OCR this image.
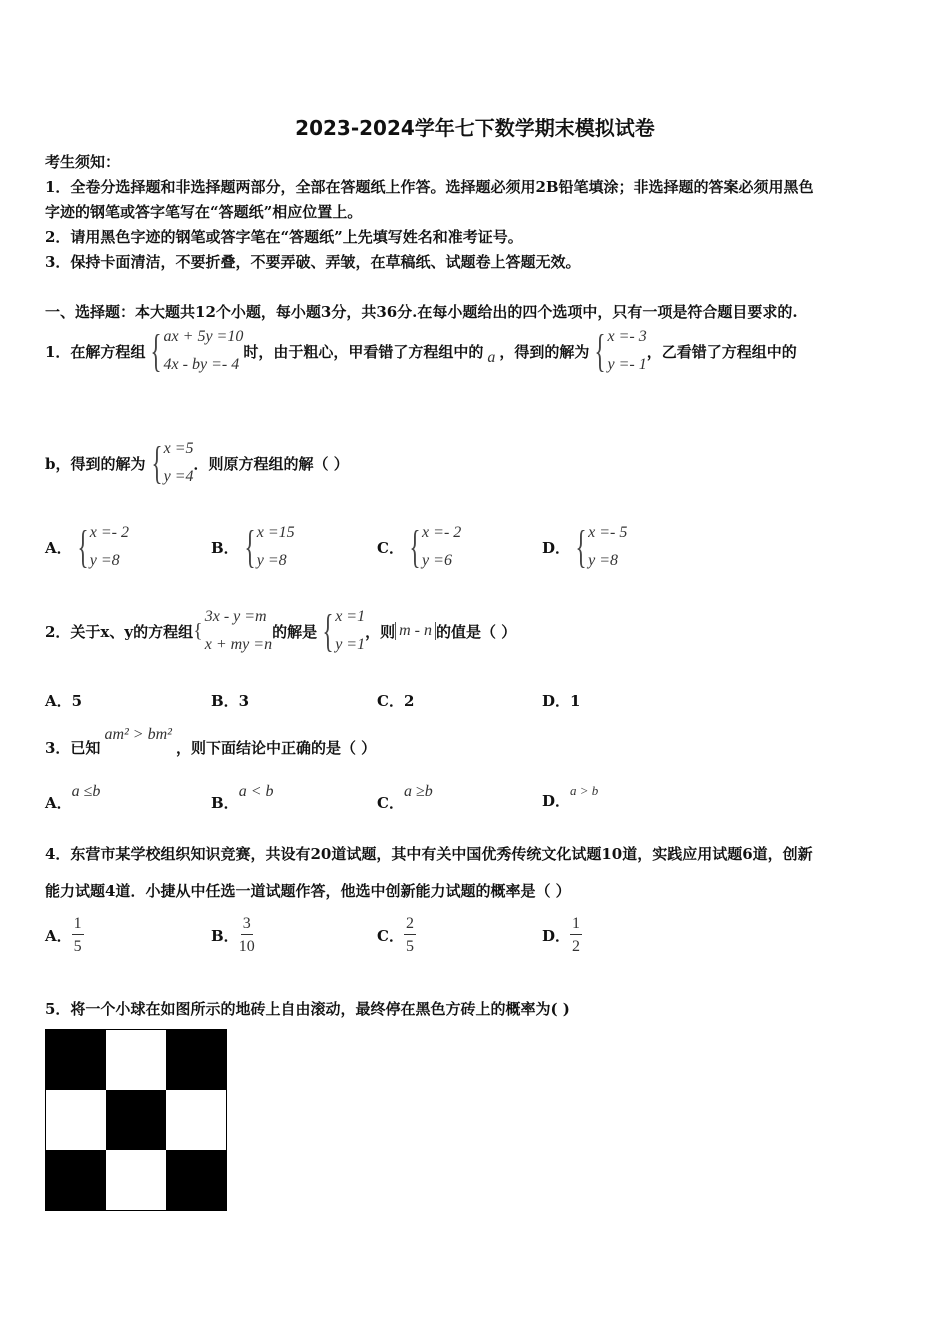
2023-2024学年七下数学期末模拟试卷
考生须知：
1．全卷分选择题和非选择题两部分，全部在答题纸上作答。选择题必须用2B铅笔填涂；非选择题的答案必须用黑色
字迹的钢笔或答字笔写在“答题纸”相应位置上。
2．请用黑色字迹的钢笔或答字笔在“答题纸”上先填写姓名和准考证号。
3．保持卡面清洁，不要折叠，不要弄破、弄皱，在草稿纸、试题卷上答题无效。
一、选择题：本大题共12个小题，每小题3分，共36分.在每小题给出的四个选项中，只有一项是符合题目要求的.
1．在解方程组 { ax + 5y =10
4x - by =- 4
时，由于粗心，甲看错了方程组中的 a ，得到的解为 { x =- 3
y =- 1
，乙看错了方程组中的
b，得到的解为 { x =5
y =4
．则原方程组的解（ ）
A． { x =- 2
y =8
B． { x =15
y =8
C． { x =- 2
y =6
D． { x =- 5
y =8
2．关于x、y的方程组 {
3x - y =m
x + my =n
的解是 { x =1
y =1
，则 m - n 的值是（ ）
A．5	B．3	C．2	D．1
3．已知
am² > bm²
，则下面结论中正确的是（ ）
A．
a ≤b
B．
a < b
C．
a ≥b
D．
a > b
4．东营市某学校组织知识竞赛，共设有20道试题，其中有关中国优秀传统文化试题10道，实践应用试题6道，创新
能力试题4道．小捷从中任选一道试题作答，他选中创新能力试题的概率是（ ）
A． $\frac{1}{5}$	B． $\frac{3}{10}$	C． $\frac{2}{5}$	D． $\frac{1}{2}$
5．将一个小球在如图所示的地砖上自由滚动，最终停在黑色方砖上的概率为( )
